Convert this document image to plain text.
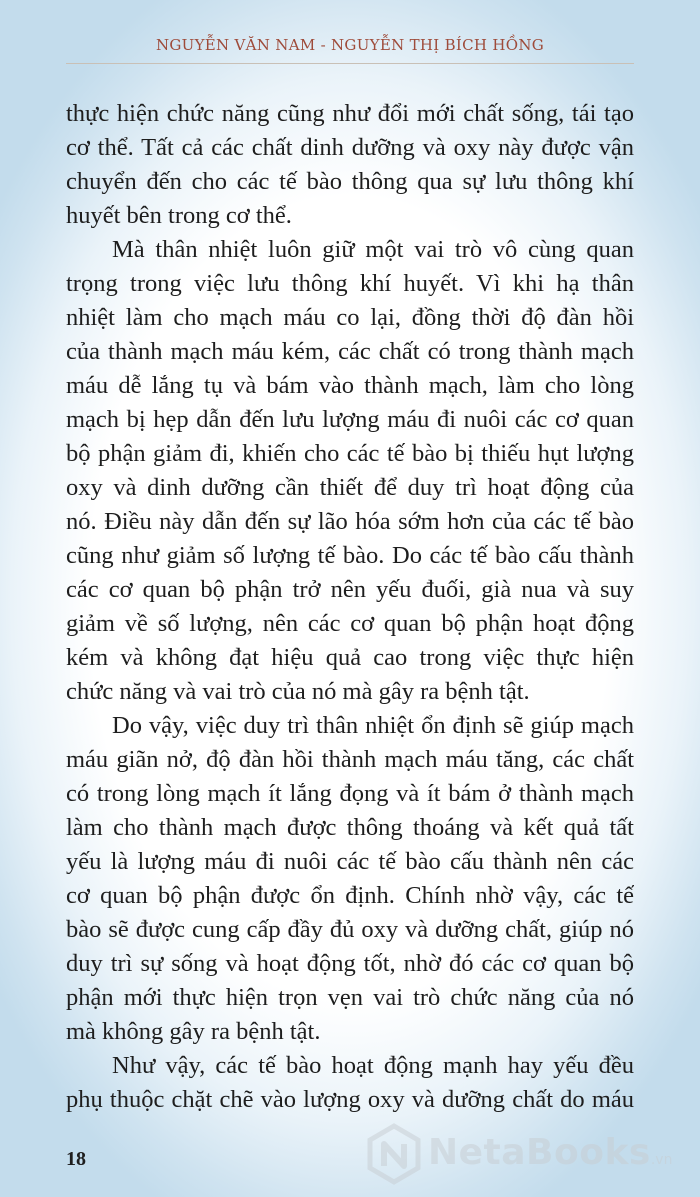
NGUYỄN VĂN NAM - NGUYỄN THỊ BÍCH HỒNG
thực hiện chức năng cũng như đổi mới chất sống, tái tạo
cơ thể. Tất cả các chất dinh dưỡng và oxy này được vận
chuyển đến cho các tế bào thông qua sự lưu thông khí
huyết bên trong cơ thể.
Mà thân nhiệt luôn giữ một vai trò vô cùng quan
trọng trong việc lưu thông khí huyết. Vì khi hạ thân
nhiệt làm cho mạch máu co lại, đồng thời độ đàn hồi
của thành mạch máu kém, các chất có trong thành mạch
máu dễ lắng tụ và bám vào thành mạch, làm cho lòng
mạch bị hẹp dẫn đến lưu lượng máu đi nuôi các cơ quan
bộ phận giảm đi, khiến cho các tế bào bị thiếu hụt lượng
oxy và dinh dưỡng cần thiết để duy trì hoạt động của
nó. Điều này dẫn đến sự lão hóa sớm hơn của các tế bào
cũng như giảm số lượng tế bào. Do các tế bào cấu thành
các cơ quan bộ phận trở nên yếu đuối, già nua và suy
giảm về số lượng, nên các cơ quan bộ phận hoạt động
kém và không đạt hiệu quả cao trong việc thực hiện
chức năng và vai trò của nó mà gây ra bệnh tật.
Do vậy, việc duy trì thân nhiệt ổn định sẽ giúp mạch
máu giãn nở, độ đàn hồi thành mạch máu tăng, các chất
có trong lòng mạch ít lắng đọng và ít bám ở thành mạch
làm cho thành mạch được thông thoáng và kết quả tất
yếu là lượng máu đi nuôi các tế bào cấu thành nên các
cơ quan bộ phận được ổn định. Chính nhờ vậy, các tế
bào sẽ được cung cấp đầy đủ oxy và dưỡng chất, giúp nó
duy trì sự sống và hoạt động tốt, nhờ đó các cơ quan bộ
phận mới thực hiện trọn vẹn vai trò chức năng của nó
mà không gây ra bệnh tật.
Như vậy, các tế bào hoạt động mạnh hay yếu đều
phụ thuộc chặt chẽ vào lượng oxy và dưỡng chất do máu
18	NetaBooks.vn
